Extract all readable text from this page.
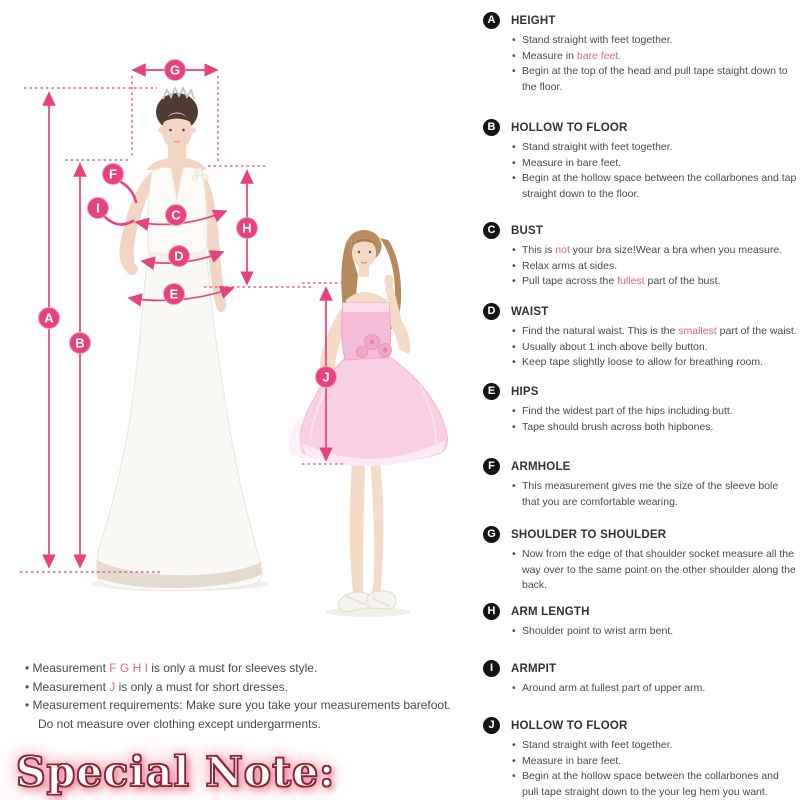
A
B
C
D
E
F
G
H
I
J
A	HEIGHT
• Stand straight with feet together.
• Measure in bare feet.
• Begin at the top of the head and pull tape staight down to the floor.
B	HOLLOW TO FLOOR
• Stand straight with feet together.
• Measure in bare feet.
• Begin at the hollow space between the collarbones and tap straight down to the floor.
C	BUST
• This is not your bra size!Wear a bra when you measure.
• Relax arms at sides.
• Pull tape across the fullest part of the bust.
D	WAIST
• Find the natural waist. This is the smallest part of the waist.
• Usually about 1 inch above belly button.
• Keep tape slightly loose to allow for breathing room.
E	HIPS
• Find the widest part of the hips including butt.
• Tape should brush across both hipbones.
F	ARMHOLE
• This measurement gives me the size of the sleeve bole that you are comfortable wearing.
G	SHOULDER TO SHOULDER
• Now from the edge of that shoulder socket measure all the way over to the same point on the other shoulder along the back.
H	ARM LENGTH
• Shoulder point to wrist arm bent.
I	ARMPIT
• Around arm at fullest part of upper arm.
J	HOLLOW TO FLOOR
• Stand straight with feet together.
• Measure in bare feet.
• Begin at the hollow space between the collarbones and pull tape straight down to the your leg hem you want.
• Measurement F G H I is only a must for sleeves style.
• Measurement J is only a must for short dresses.
• Measurement requirements: Make sure you take your measurements barefoot.
Do not measure over clothing except undergarments.
Special Note:
